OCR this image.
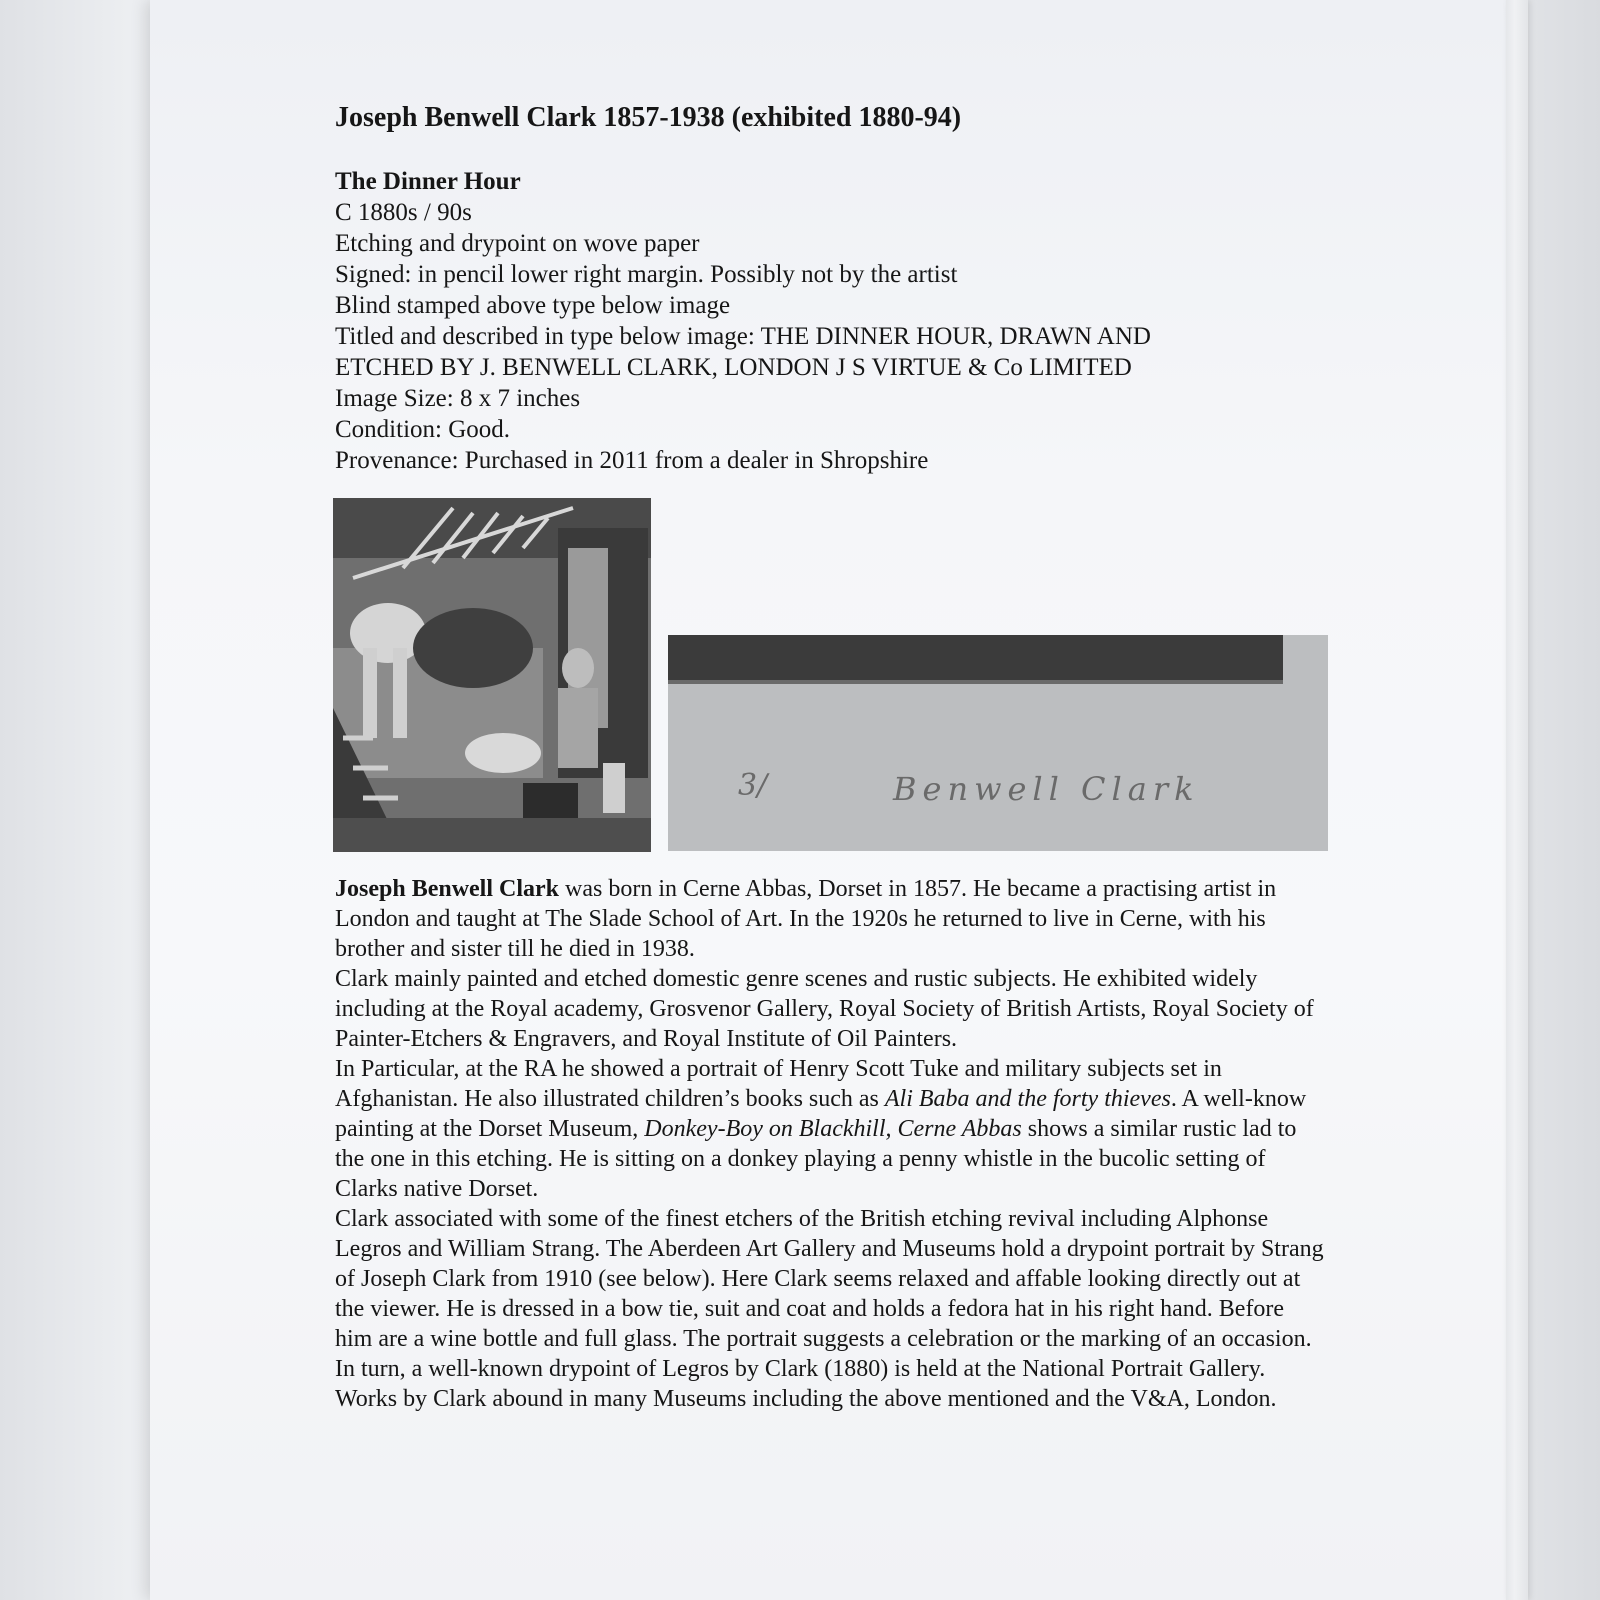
Joseph Benwell Clark 1857-1938 (exhibited 1880-94)
The Dinner Hour
C 1880s / 90s
Etching and drypoint on wove paper
Signed: in pencil lower right margin. Possibly not by the artist
Blind stamped above type below image
Titled and described in type below image: THE DINNER HOUR, DRAWN AND ETCHED BY J. BENWELL CLARK, LONDON J S VIRTUE & Co LIMITED
Image Size: 8 x 7 inches
Condition: Good.
Provenance: Purchased in 2011 from a dealer in Shropshire
3/	Benwell Clark

Joseph Benwell Clark was born in Cerne Abbas, Dorset in 1857. He became a practising artist in London and taught at The Slade School of Art. In the 1920s he returned to live in Cerne, with his brother and sister till he died in 1938.

Clark mainly painted and etched domestic genre scenes and rustic subjects. He exhibited widely including at the Royal academy, Grosvenor Gallery, Royal Society of British Artists, Royal Society of Painter-Etchers & Engravers, and Royal Institute of Oil Painters.

In Particular, at the RA he showed a portrait of Henry Scott Tuke and military subjects set in Afghanistan. He also illustrated children’s books such as Ali Baba and the forty thieves. A well-know painting at the Dorset Museum, Donkey-Boy on Blackhill, Cerne Abbas shows a similar rustic lad to the one in this etching. He is sitting on a donkey playing a penny whistle in the bucolic setting of Clarks native Dorset.

Clark associated with some of the finest etchers of the British etching revival including Alphonse Legros and William Strang. The Aberdeen Art Gallery and Museums hold a drypoint portrait by Strang of Joseph Clark from 1910 (see below). Here Clark seems relaxed and affable looking directly out at the viewer. He is dressed in a bow tie, suit and coat and holds a fedora hat in his right hand. Before him are a wine bottle and full glass. The portrait suggests a celebration or the marking of an occasion.

In turn, a well-known drypoint of Legros by Clark (1880) is held at the National Portrait Gallery. Works by Clark abound in many Museums including the above mentioned and the V&A, London.
